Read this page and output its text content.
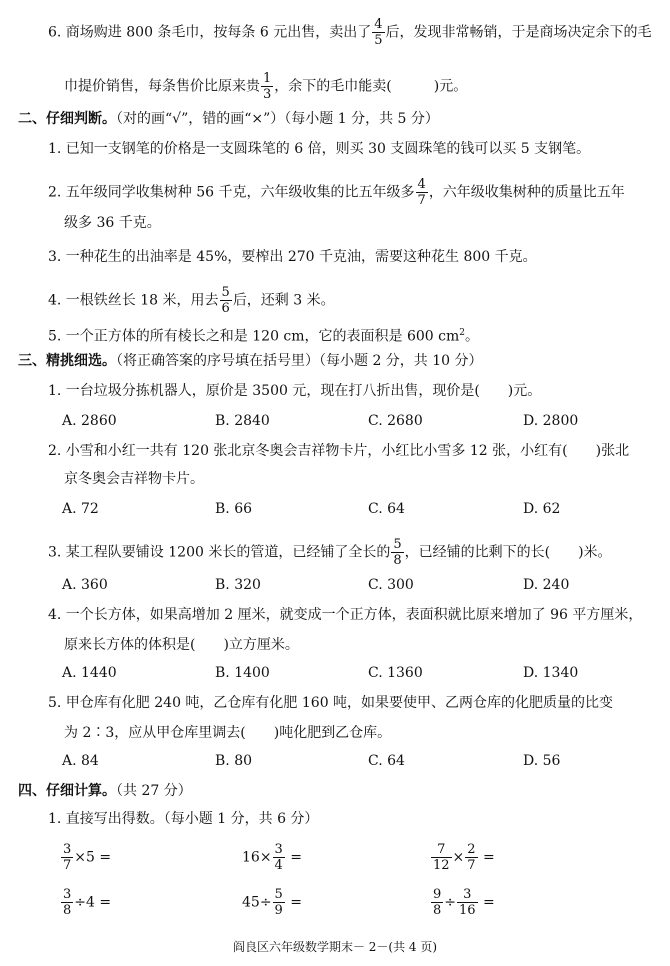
6. 商场购进 800 条毛巾，按每条 6 元出售，卖出了 $\frac{4}{5}$ 后，发现非常畅销，于是商场决定余下的毛
巾提价销售，每条售价比原来贵 $\frac{1}{3}$ ，余下的毛巾能卖(　　　)元。
二、仔细判断。（对的画“√”，错的画“×”）（每小题 1 分，共 5 分）
1. 已知一支钢笔的价格是一支圆珠笔的 6 倍，则买 30 支圆珠笔的钱可以买 5 支钢笔。
2. 五年级同学收集树种 56 千克，六年级收集的比五年级多 $\frac{4}{7}$ ，六年级收集树种的质量比五年
级多 36 千克。
3. 一种花生的出油率是 45%，要榨出 270 千克油，需要这种花生 800 千克。
4. 一根铁丝长 18 米，用去 $\frac{5}{6}$ 后，还剩 3 米。
5. 一个正方体的所有棱长之和是 120 cm，它的表面积是 600 $cm^2$。
三、精挑细选。（将正确答案的序号填在括号里）（每小题 2 分，共 10 分）
1. 一台垃圾分拣机器人，原价是 3500 元，现在打八折出售，现价是(　　)元。
A. 2860	B. 2840	C. 2680	D. 2800
2. 小雪和小红一共有 120 张北京冬奥会吉祥物卡片，小红比小雪多 12 张，小红有(　　)张北
京冬奥会吉祥物卡片。
A. 72	B. 66	C. 64	D. 62
3. 某工程队要铺设 1200 米长的管道，已经铺了全长的 $\frac{5}{8}$ ，已经铺的比剩下的长(　　)米。
A. 360	B. 320	C. 300	D. 240
4. 一个长方体，如果高增加 2 厘米，就变成一个正方体，表面积就比原来增加了 96 平方厘米，
原来长方体的体积是(　　)立方厘米。
A. 1440	B. 1400	C. 1360	D. 1340
5. 甲仓库有化肥 240 吨，乙仓库有化肥 160 吨，如果要使甲、乙两仓库的化肥质量的比变
为 2∶3，应从甲仓库里调去(　　)吨化肥到乙仓库。
A. 84	B. 80	C. 64	D. 56
四、仔细计算。（共 27 分）
1. 直接写出得数。（每小题 1 分，共 6 分）
$\frac{3}{7} \times 5$ =	$16\times \frac{3}{4}$ =	$\frac{7}{12} \times \frac{2}{7}$ =
$\frac{3}{8} \div 4$ =	$45\div \frac{5}{9}$ =	$\frac{9}{8} \div \frac{3}{16}$ =
阎良区六年级数学期末－ 2－(共 4 页)
